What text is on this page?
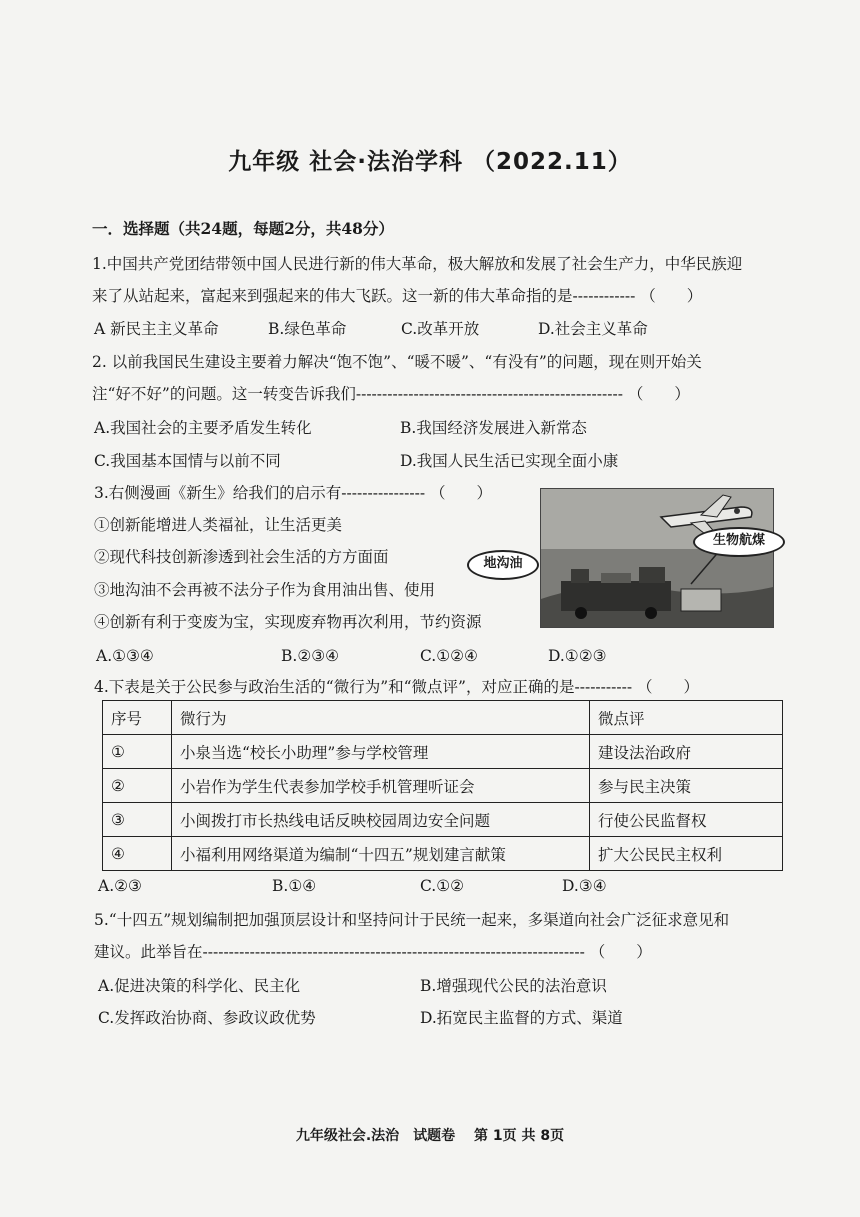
九年级 社会·法治学科 （2022.11）
一．选择题（共24题，每题2分，共48分）
1.中国共产党团结带领中国人民进行新的伟大革命，极大解放和发展了社会生产力，中华民族迎
来了从站起来，富起来到强起来的伟大飞跃。这一新的伟大革命指的是------------ （　　）
A 新民主主义革命	B.绿色革命	C.改革开放	D.社会主义革命
2. 以前我国民生建设主要着力解决“饱不饱”、“暖不暖”、“有没有”的问题，现在则开始关
注“好不好”的问题。这一转变告诉我们--------------------------------------------------- （　　）
A.我国社会的主要矛盾发生转化	B.我国经济发展进入新常态
C.我国基本国情与以前不同	D.我国人民生活已实现全面小康
3.右侧漫画《新生》给我们的启示有---------------- （　　）
①创新能增进人类福祉，让生活更美
②现代科技创新渗透到社会生活的方方面面
③地沟油不会再被不法分子作为食用油出售、使用
④创新有利于变废为宝，实现废弃物再次利用，节约资源
A.①③④	B.②③④	C.①②④	D.①②③
地沟油
生物航煤
4.下表是关于公民参与政治生活的“微行为”和“微点评”，对应正确的是----------- （　　）
序号	微行为	微点评
①	小泉当选“校长小助理”参与学校管理	建设法治政府
②	小岩作为学生代表参加学校手机管理听证会	参与民主决策
③	小闽拨打市长热线电话反映校园周边安全问题	行使公民监督权
④	小福利用网络渠道为编制“十四五”规划建言献策	扩大公民民主权利
A.②③	B.①④	C.①②	D.③④
5.“十四五”规划编制把加强顶层设计和坚持问计于民统一起来，多渠道向社会广泛征求意见和
建议。此举旨在------------------------------------------------------------------------- （　　）
A.促进决策的科学化、民主化	B.增强现代公民的法治意识
C.发挥政治协商、参政议政优势	D.拓宽民主监督的方式、渠道
九年级社会.法治　试题卷　 第 1页 共 8页
